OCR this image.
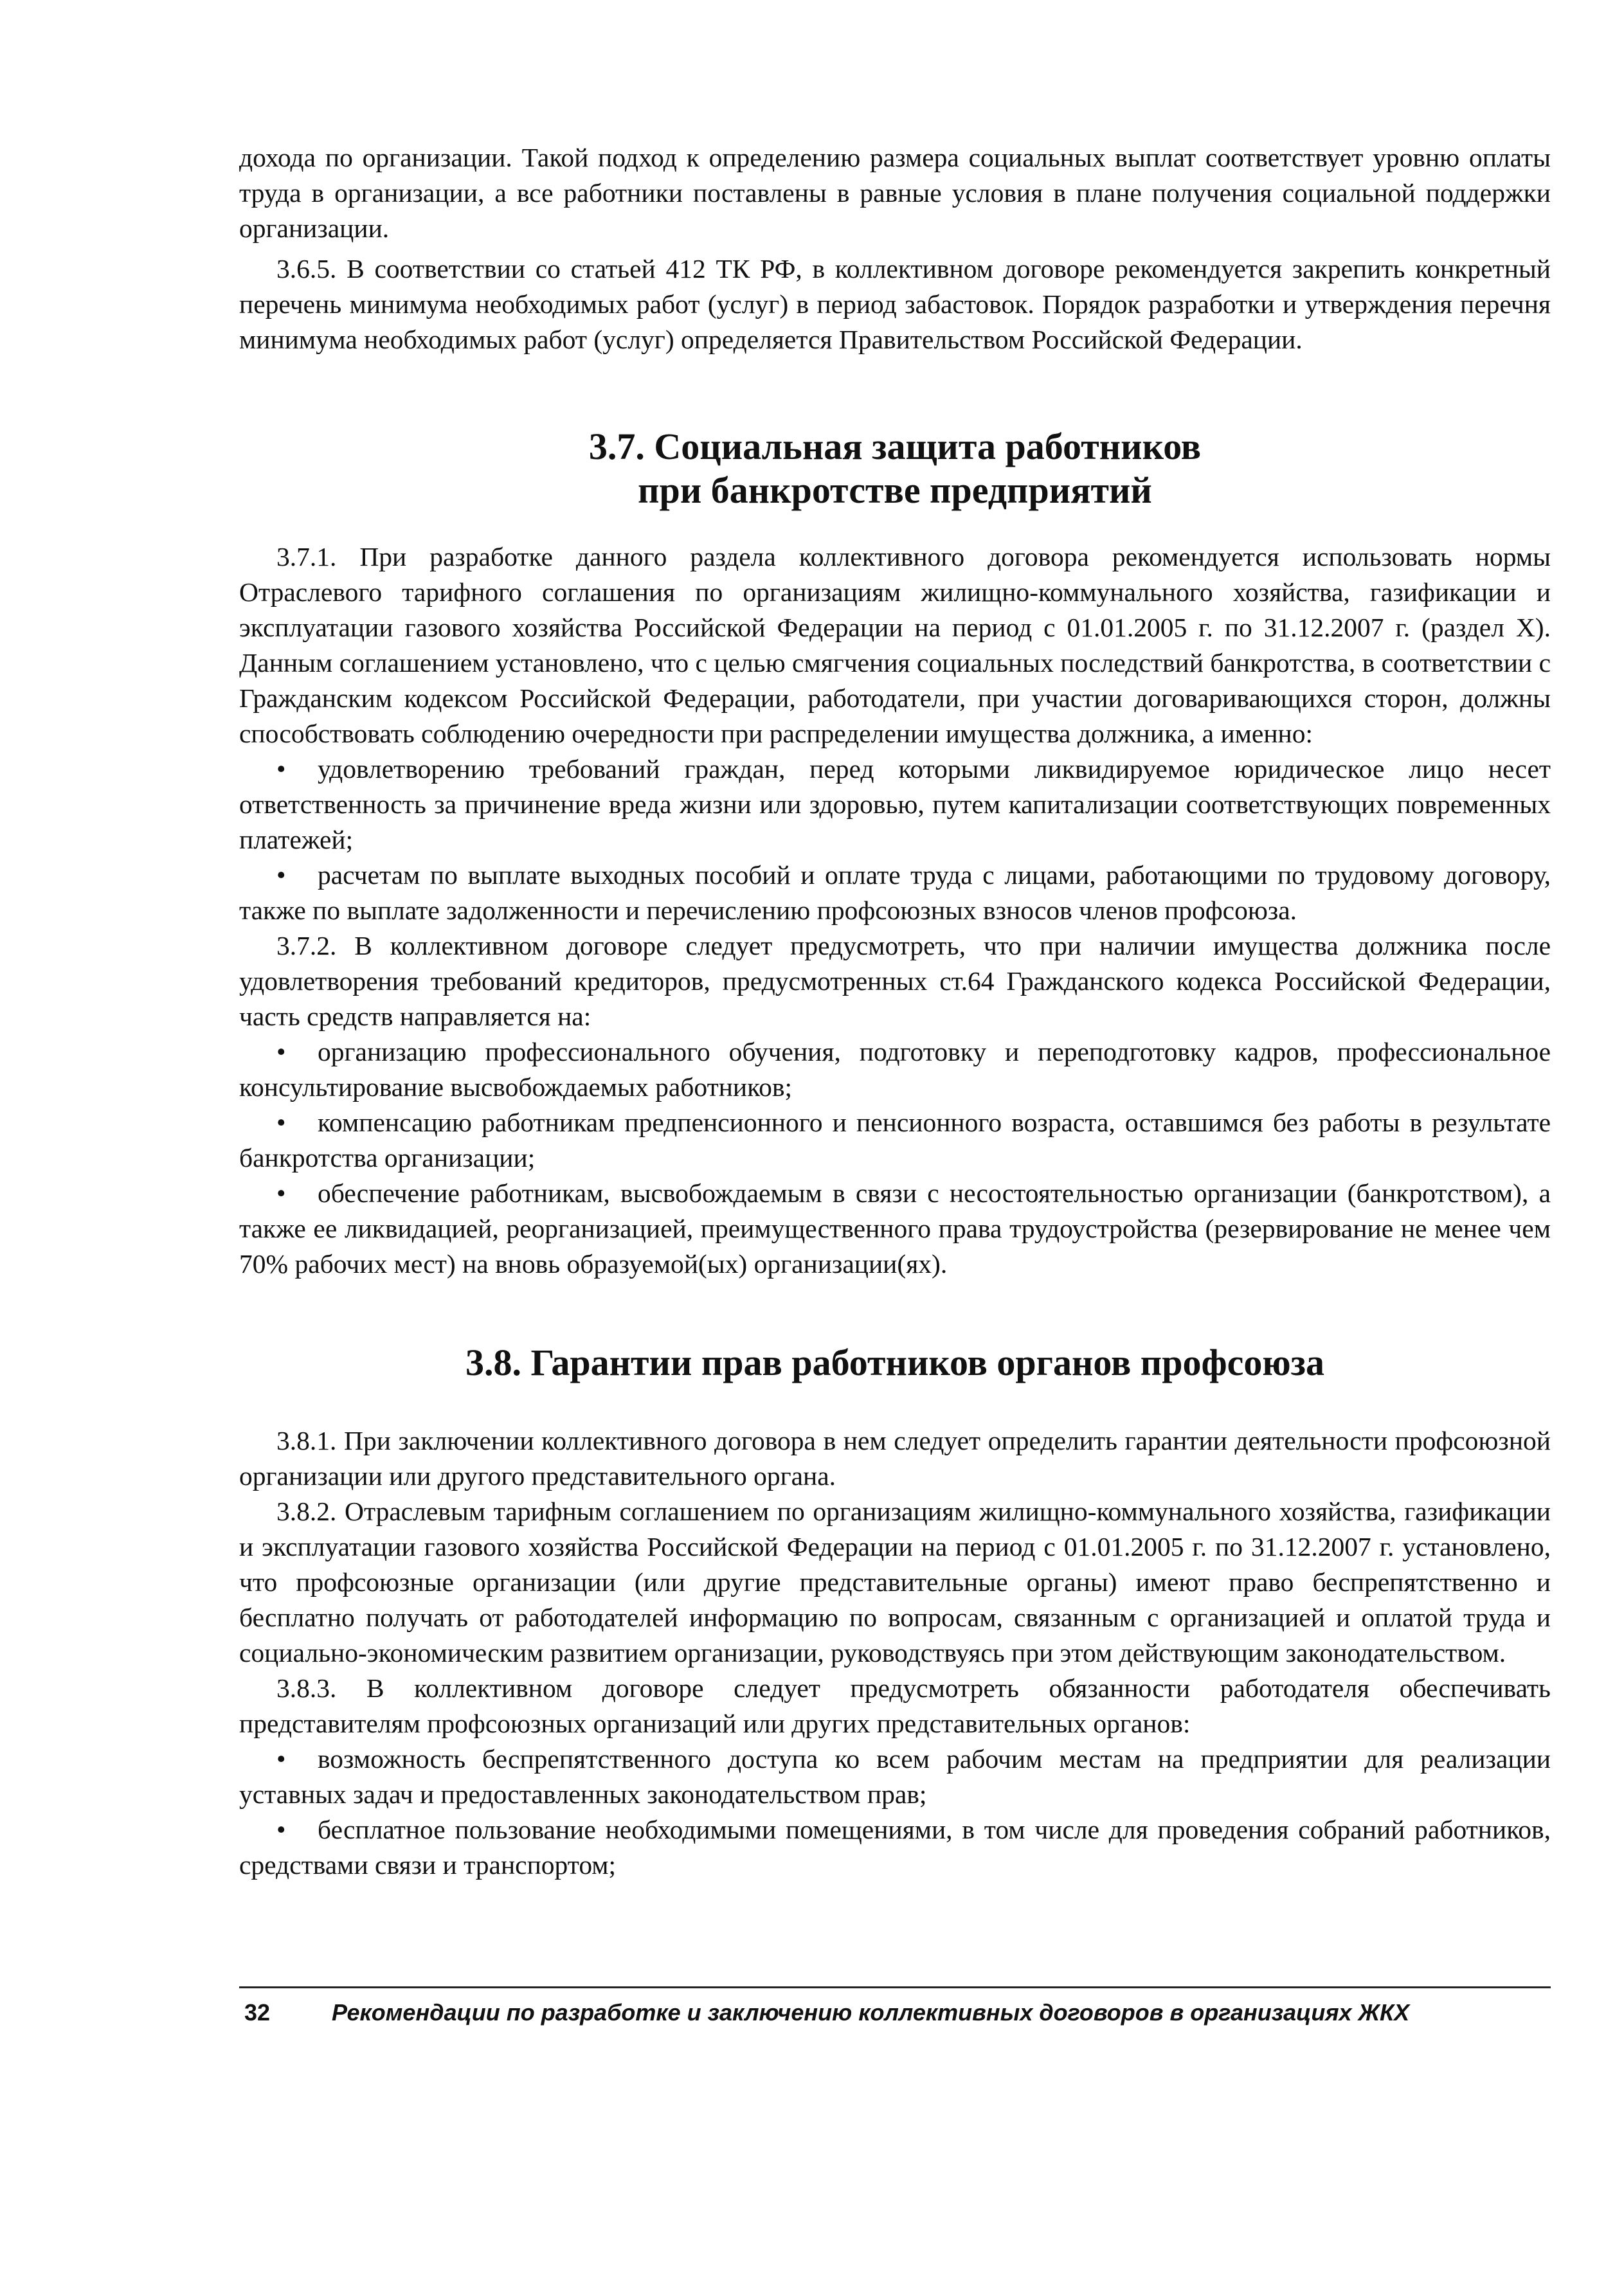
дохода по организации. Такой подход к определению размера социальных выплат соответствует уровню оплаты труда в организации, а все работники поставлены в равные условия в плане получения социальной поддержки организации.

3.6.5. В соответствии со статьей 412 ТК РФ, в коллективном договоре рекомендуется закрепить конкретный перечень минимума необходимых работ (услуг) в период забастовок. Порядок разработки и утверждения перечня минимума необходимых работ (услуг) определяется Правительством Российской Федерации.

3.7. Социальная защита работников

при банкротстве предприятий

3.7.1. При разработке данного раздела коллективного договора рекомендуется использовать нормы Отраслевого тарифного соглашения по организациям жилищно-коммунального хозяйства, газификации и эксплуатации газового хозяйства Российской Федерации на период с 01.01.2005 г. по 31.12.2007 г. (раздел X). Данным соглашением установлено, что с целью смягчения социальных последствий банкротства, в соответствии с Гражданским кодексом Российской Федерации, работодатели, при участии договаривающихся сторон, должны способствовать соблюдению очередности при распределении имущества должника, а именно:

• удовлетворению требований граждан, перед которыми ликвидируемое юридическое лицо несет ответственность за причинение вреда жизни или здоровью, путем капитализации соответствующих повременных платежей;

• расчетам по выплате выходных пособий и оплате труда с лицами, работающими по трудовому договору, также по выплате задолженности и перечислению профсоюзных взносов членов профсоюза.

3.7.2. В коллективном договоре следует предусмотреть, что при наличии имущества должника после удовлетворения требований кредиторов, предусмотренных ст.64 Гражданского кодекса Российской Федерации, часть средств направляется на:

• организацию профессионального обучения, подготовку и переподготовку кадров, профессиональное консультирование высвобождаемых работников;

• компенсацию работникам предпенсионного и пенсионного возраста, оставшимся без работы в результате банкротства организации;

• обеспечение работникам, высвобождаемым в связи с несостоятельностью организации (банкротством), а также ее ликвидацией, реорганизацией, преимущественного права трудоустройства (резервирование не менее чем 70% рабочих мест) на вновь образуемой(ых) организации(ях).

3.8. Гарантии прав работников органов профсоюза

3.8.1. При заключении коллективного договора в нем следует определить гарантии деятельности профсоюзной организации или другого представительного органа.

3.8.2. Отраслевым тарифным соглашением по организациям жилищно-коммунального хозяйства, газификации и эксплуатации газового хозяйства Российской Федерации на период с 01.01.2005 г. по 31.12.2007 г. установлено, что профсоюзные организации (или другие представительные органы) имеют право беспрепятственно и бесплатно получать от работодателей информацию по вопросам, связанным с организацией и оплатой труда и социально-экономическим развитием организации, руководствуясь при этом действующим законодательством.

3.8.3. В коллективном договоре следует предусмотреть обязанности работодателя обеспечивать представителям профсоюзных организаций или других представительных органов:

• возможность беспрепятственного доступа ко всем рабочим местам на предприятии для реализации уставных задач и предоставленных законодательством прав;

• бесплатное пользование необходимыми помещениями, в том числе для проведения собраний работников, средствами связи и транспортом;

32	Рекомендации по разработке и заключению коллективных договоров в организациях ЖКХ
